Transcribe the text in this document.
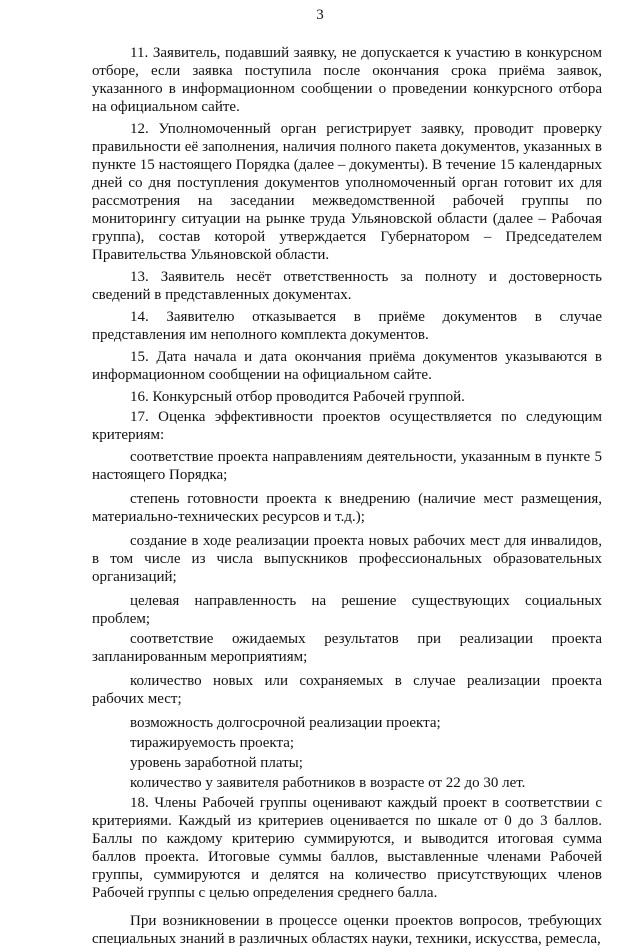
3

11. Заявитель, подавший заявку, не допускается к участию в конкурсном отборе, если заявка поступила после окончания срока приёма заявок, указанного в информационном сообщении о проведении конкурсного отбора на официальном сайте.

12. Уполномоченный орган регистрирует заявку, проводит проверку правильности её заполнения, наличия полного пакета документов, указанных в пункте 15 настоящего Порядка (далее – документы). В течение 15 календарных дней со дня поступления документов уполномоченный орган готовит их для рассмотрения на заседании межведомственной рабочей группы по мониторингу ситуации на рынке труда Ульяновской области (далее – Рабочая группа), состав которой утверждается Губернатором – Председателем Правительства Ульяновской области.

13. Заявитель несёт ответственность за полноту и достоверность сведений в представленных документах.

14. Заявителю отказывается в приёме документов в случае представления им неполного комплекта документов.

15. Дата начала и дата окончания приёма документов указываются в информационном сообщении на официальном сайте.

16. Конкурсный отбор проводится Рабочей группой.

17. Оценка эффективности проектов осуществляется по следующим критериям:

соответствие проекта направлениям деятельности, указанным в пункте 5 настоящего Порядка;

степень готовности проекта к внедрению (наличие мест размещения, материально-технических ресурсов и т.д.);

создание в ходе реализации проекта новых рабочих мест для инвалидов, в том числе из числа выпускников профессиональных образовательных организаций;

целевая направленность на решение существующих социальных проблем;

соответствие ожидаемых результатов при реализации проекта запланированным мероприятиям;

количество новых или сохраняемых в случае реализации проекта рабочих мест;

возможность долгосрочной реализации проекта;

тиражируемость проекта;

уровень заработной платы;

количество у заявителя работников в возрасте от 22 до 30 лет.

18. Члены Рабочей группы оценивают каждый проект в соответствии с критериями. Каждый из критериев оценивается по шкале от 0 до 3 баллов. Баллы по каждому критерию суммируются, и выводится итоговая сумма баллов проекта. Итоговые суммы баллов, выставленные членами Рабочей группы, суммируются и делятся на количество присутствующих членов Рабочей группы с целью определения среднего балла.

При возникновении в процессе оценки проектов вопросов, требующих специальных знаний в различных областях науки, техники, искусства, ремесла,
